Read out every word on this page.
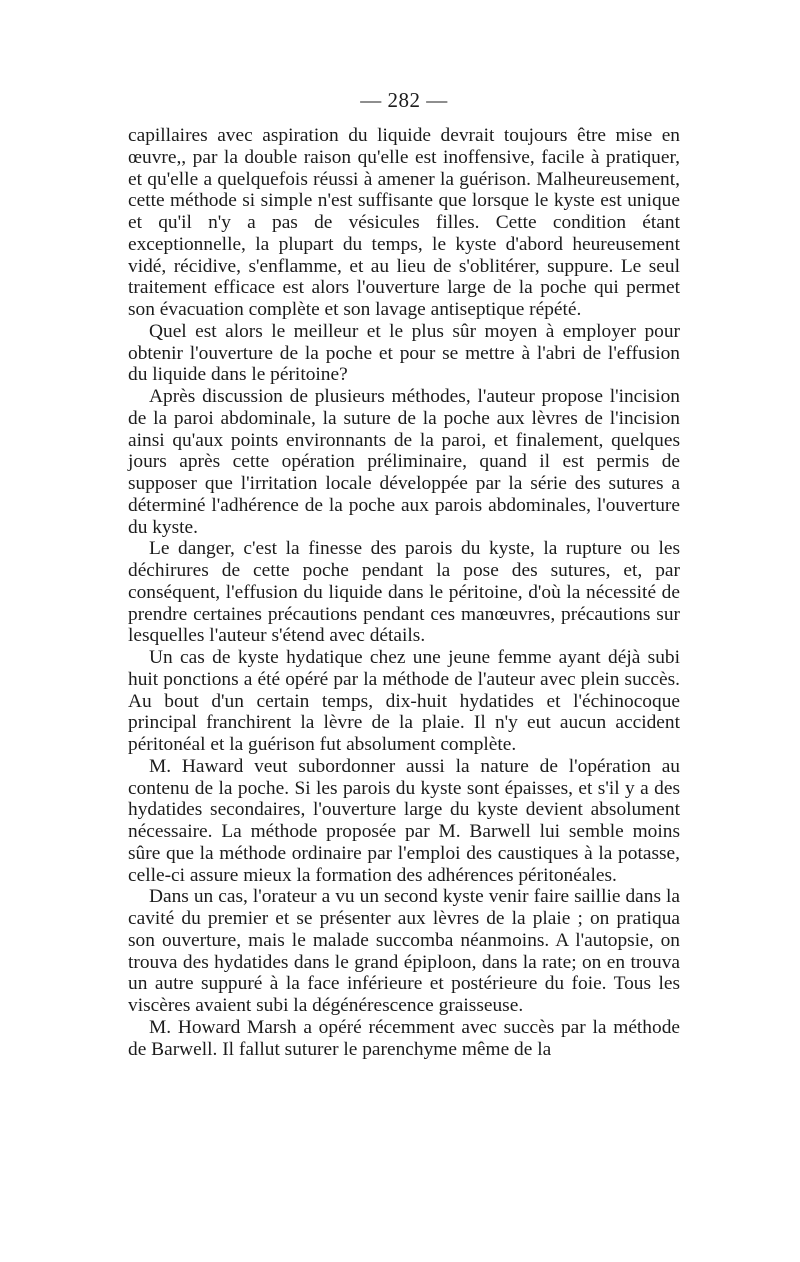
— 282 —

capillaires avec aspiration du liquide devrait toujours être mise en œuvre,, par la double raison qu'elle est inoffensive, facile à pratiquer, et qu'elle a quelquefois réussi à amener la guérison. Malheureusement, cette méthode si simple n'est suffisante que lorsque le kyste est unique et qu'il n'y a pas de vésicules filles. Cette condition étant exceptionnelle, la plupart du temps, le kyste d'abord heureusement vidé, récidive, s'enflamme, et au lieu de s'oblitérer, suppure. Le seul traitement efficace est alors l'ouverture large de la poche qui permet son évacuation complète et son lavage antiseptique répété.

Quel est alors le meilleur et le plus sûr moyen à employer pour obtenir l'ouverture de la poche et pour se mettre à l'abri de l'effusion du liquide dans le péritoine?

Après discussion de plusieurs méthodes, l'auteur propose l'incision de la paroi abdominale, la suture de la poche aux lèvres de l'incision ainsi qu'aux points environnants de la paroi, et finalement, quelques jours après cette opération préliminaire, quand il est permis de supposer que l'irritation locale développée par la série des sutures a déterminé l'adhérence de la poche aux parois abdominales, l'ouverture du kyste.

Le danger, c'est la finesse des parois du kyste, la rupture ou les déchirures de cette poche pendant la pose des sutures, et, par conséquent, l'effusion du liquide dans le péritoine, d'où la nécessité de prendre certaines précautions pendant ces manœuvres, précautions sur lesquelles l'auteur s'étend avec détails.

Un cas de kyste hydatique chez une jeune femme ayant déjà subi huit ponctions a été opéré par la méthode de l'auteur avec plein succès. Au bout d'un certain temps, dix-huit hydatides et l'échinocoque principal franchirent la lèvre de la plaie. Il n'y eut aucun accident péritonéal et la guérison fut absolument complète.

M. Haward veut subordonner aussi la nature de l'opération au contenu de la poche. Si les parois du kyste sont épaisses, et s'il y a des hydatides secondaires, l'ouverture large du kyste devient absolument nécessaire. La méthode proposée par M. Barwell lui semble moins sûre que la méthode ordinaire par l'emploi des caustiques à la potasse, celle-ci assure mieux la formation des adhérences péritonéales.

Dans un cas, l'orateur a vu un second kyste venir faire saillie dans la cavité du premier et se présenter aux lèvres de la plaie ; on pratiqua son ouverture, mais le malade succomba néanmoins. A l'autopsie, on trouva des hydatides dans le grand épiploon, dans la rate; on en trouva un autre suppuré à la face inférieure et postérieure du foie. Tous les viscères avaient subi la dégénérescence graisseuse.

M. Howard Marsh a opéré récemment avec succès par la méthode de Barwell. Il fallut suturer le parenchyme même de la
